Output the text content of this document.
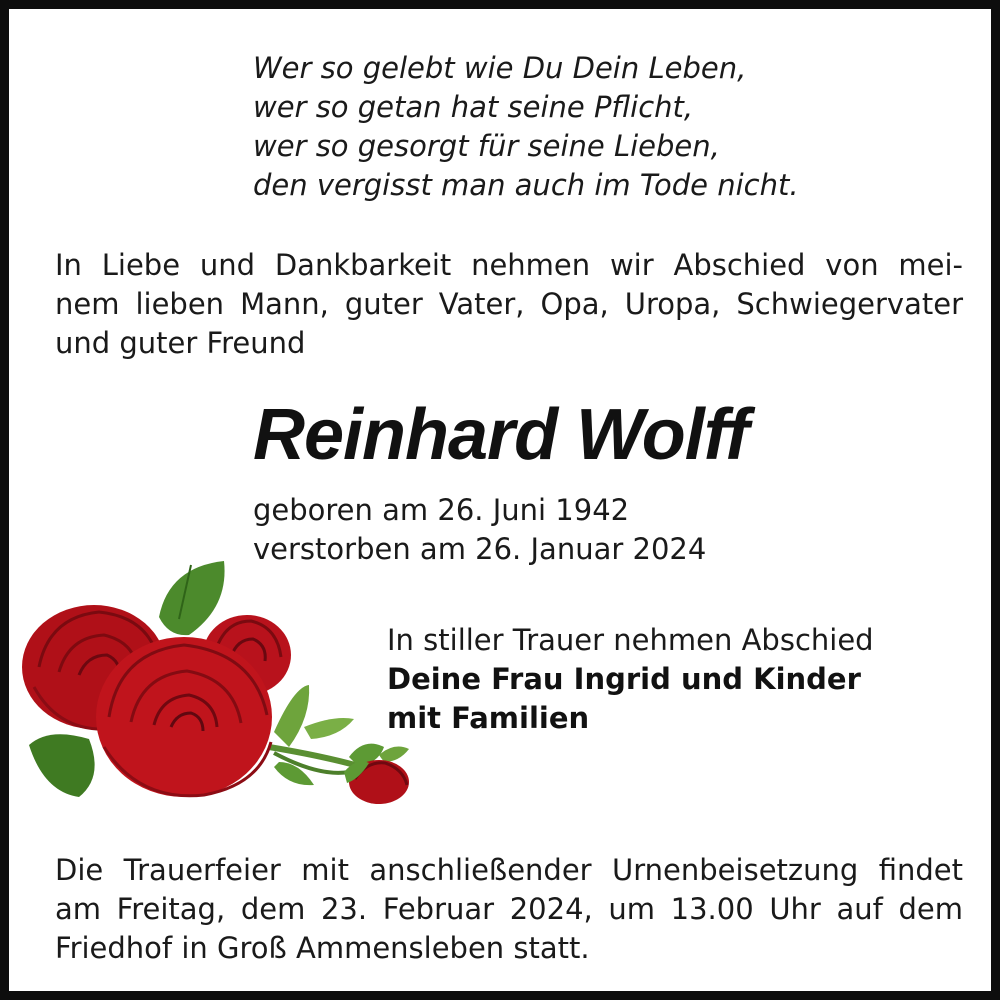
Wer so gelebt wie Du Dein Leben,
wer so getan hat seine Pflicht,
wer so gesorgt für seine Lieben,
den vergisst man auch im Tode nicht.
In Liebe und Dankbarkeit nehmen wir Abschied von mei-
nem lieben Mann, guter Vater, Opa, Uropa, Schwiegervater
und guter Freund
Reinhard Wolff
geboren am 26. Juni 1942
verstorben am 26. Januar 2024
In stiller Trauer nehmen Abschied
Deine Frau Ingrid und Kinder
mit Familien
Die Trauerfeier mit anschließender Urnenbeisetzung findet
am Freitag, dem 23. Februar 2024, um 13.00 Uhr auf dem
Friedhof in Groß Ammensleben statt.
